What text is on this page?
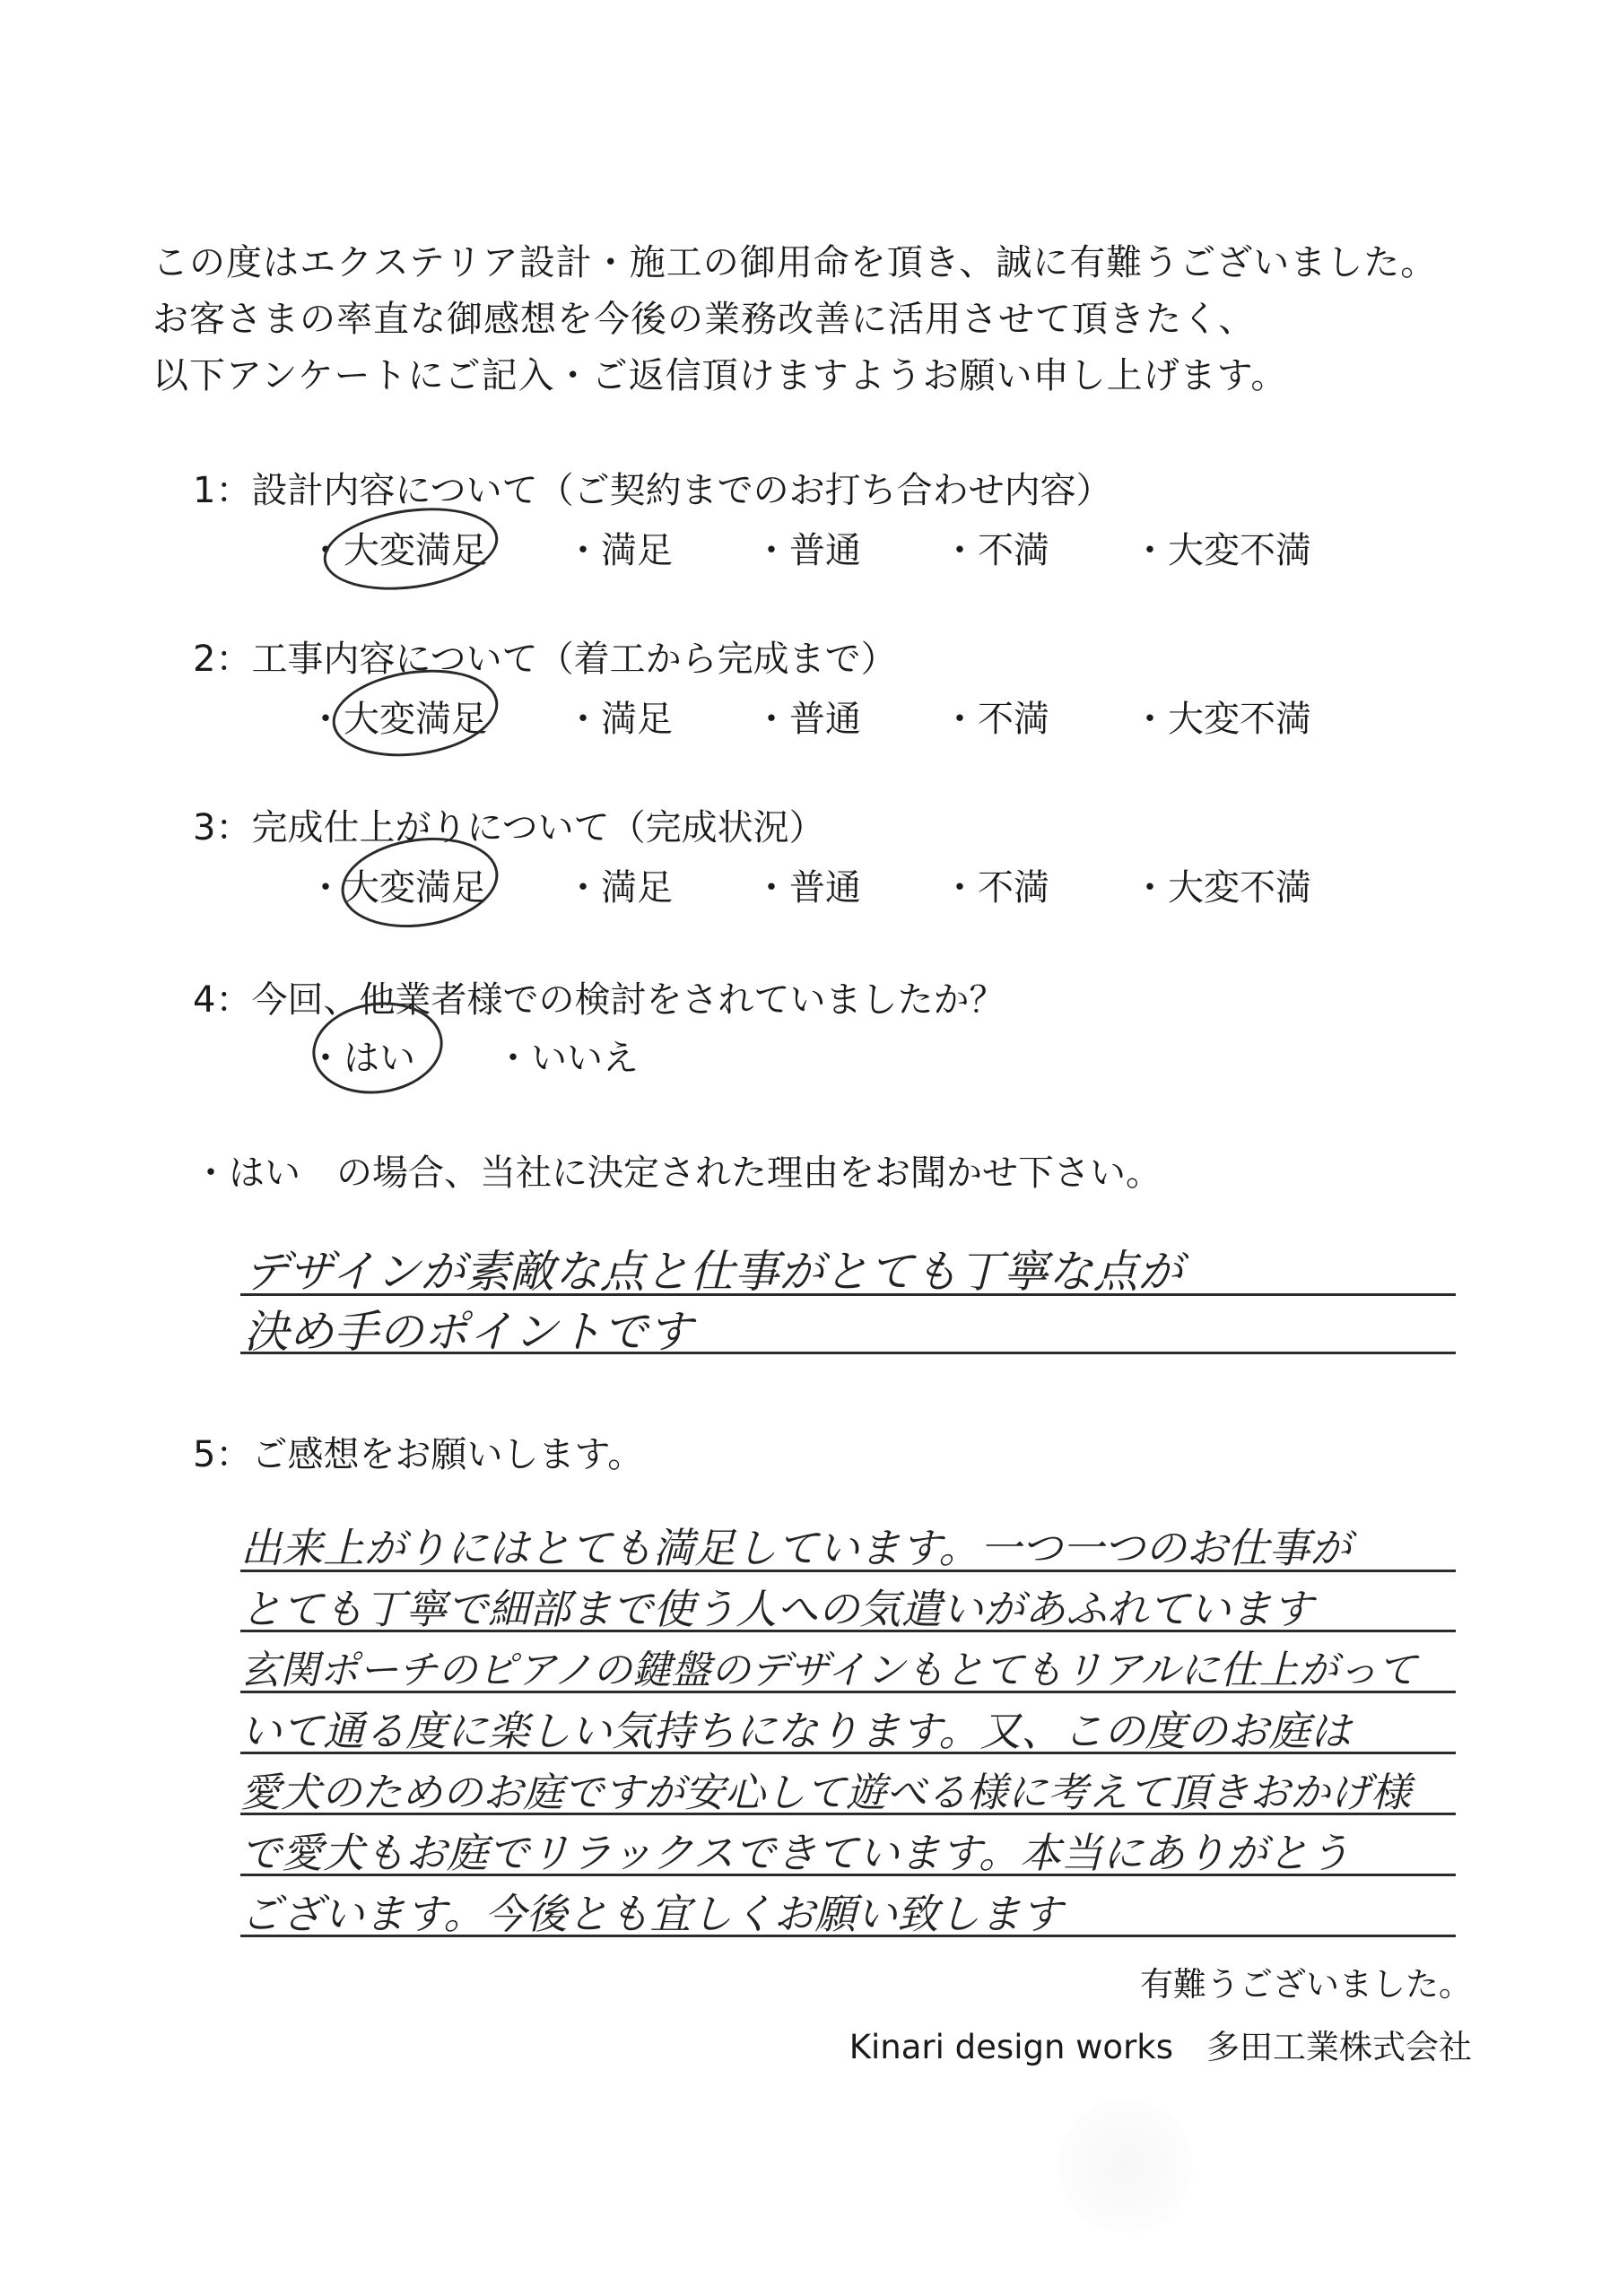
この度はエクステリア設計・施工の御用命を頂き、誠に有難うございました。
お客さまの率直な御感想を今後の業務改善に活用させて頂きたく、
以下アンケートにご記入・ご返信頂けますようお願い申し上げます。
1：設計内容について（ご契約までのお打ち合わせ内容）
・大変満足 ・満足 ・普通 ・不満 ・大変不満
2：工事内容について（着工から完成まで）
・大変満足 ・満足 ・普通 ・不満 ・大変不満
3：完成仕上がりについて（完成状況）
・大変満足 ・満足 ・普通 ・不満 ・大変不満
4：今回、他業者様での検討をされていましたか？
・はい ・いいえ
・はい　の場合、当社に決定された理由をお聞かせ下さい。
デザインが素敵な点と仕事がとても丁寧な点が
決め手のポイントです
5：ご感想をお願いします。
出来上がりにはとても満足しています。一つ一つのお仕事が
とても丁寧で細部まで使う人への気遣いがあふれています
玄関ポーチのピアノの鍵盤のデザインもとてもリアルに仕上がって
いて通る度に楽しい気持ちになります。又、この度のお庭は
愛犬のためのお庭ですが安心して遊べる様に考えて頂きおかげ様
で愛犬もお庭でリラックスできています。本当にありがとう
ございます。今後とも宜しくお願い致します
有難うございました。
Kinari design works　多田工業株式会社
